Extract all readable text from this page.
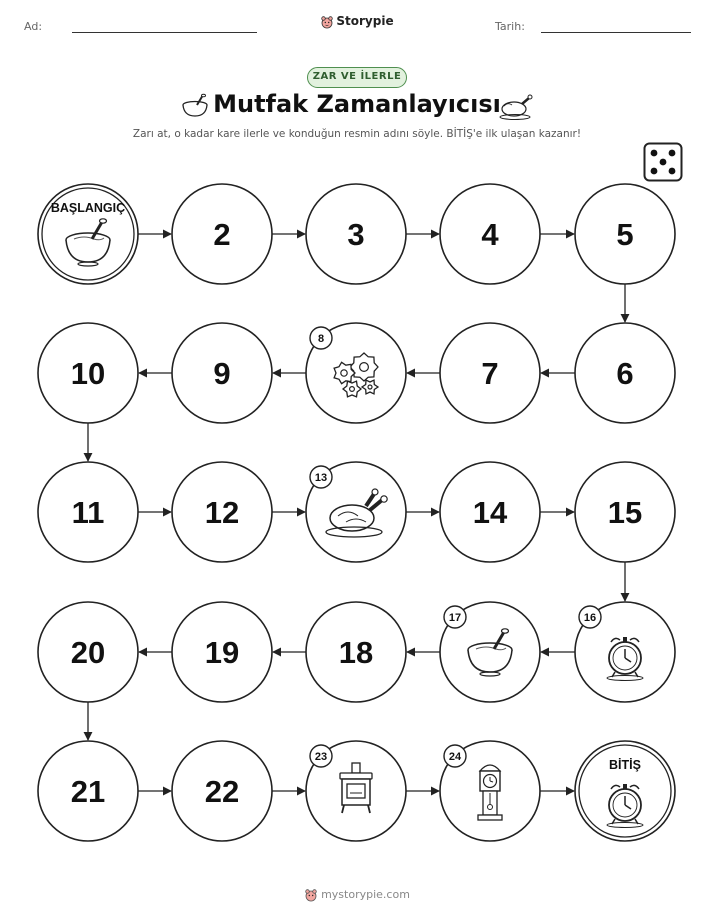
Ad:	Storypie	Tarih:
ZAR VE İLERLE
Mutfak Zamanlayıcısı
Zarı at, o kadar kare ilerle ve konduğun resmin adını söyle. BİTİŞ'e ilk ulaşan kazanır!
BAŞLANGIÇ
2	3	4	5
6
7
8
9
10
11	12
13
14	15
16
17
18
19
20
21	22
23	24
BİTİŞ
mystorypie.com
